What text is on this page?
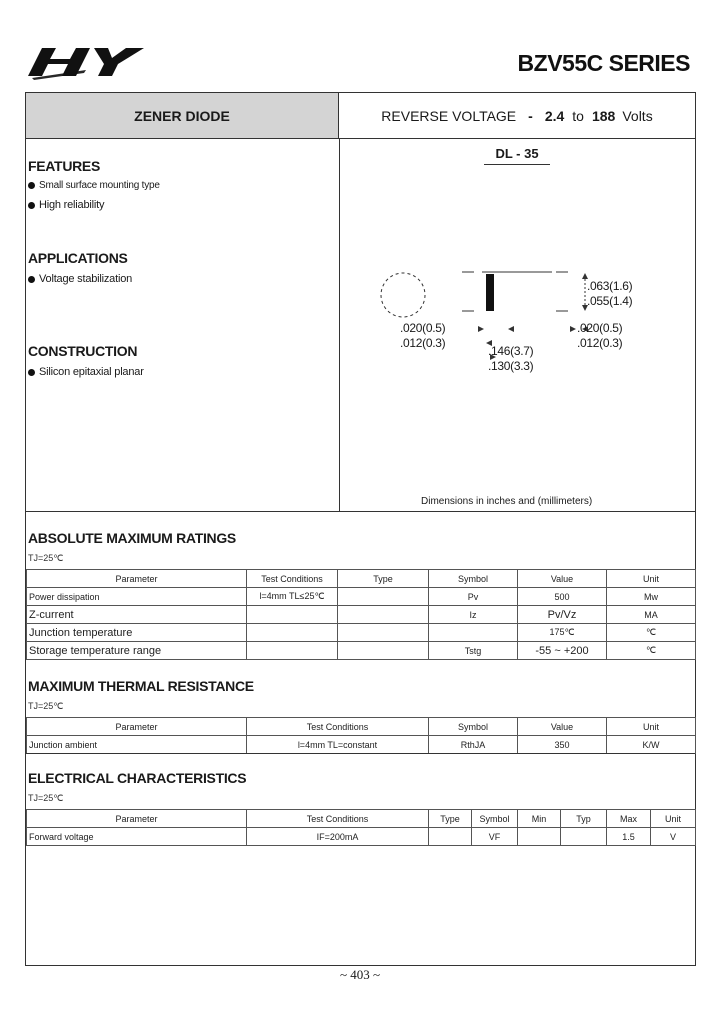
BZV55C SERIES
ZENER DIODE	REVERSE VOLTAGE - 2.4 to 188 Volts
FEATURES
Small surface mounting type
High reliability
APPLICATIONS
Voltage stabilization
CONSTRUCTION
Silicon epitaxial planar
DL - 35
.063(1.6)
.055(1.4)
.020(0.5)
.012(0.3)
.020(0.5)
.012(0.3)
.146(3.7)
.130(3.3)
Dimensions in inches and (millimeters)
ABSOLUTE MAXIMUM RATINGS
TJ=25℃
Parameter	Test Conditions	Type	Symbol	Value	Unit
Power dissipation	l=4mm TL≤25℃		Pv	500	Mw
Z-current			Iz	Pv/Vz	MA
Junction temperature				175℃	℃
Storage temperature range			Tstg	-55 ~ +200	℃
MAXIMUM THERMAL RESISTANCE
TJ=25℃
Parameter	Test Conditions	Symbol	Value	Unit
Junction ambient	l=4mm TL=constant	RthJA	350	K/W
ELECTRICAL CHARACTERISTICS
TJ=25℃
Parameter	Test Conditions	Type	Symbol	Min	Typ	Max	Unit
Forward voltage	IF=200mA		VF			1.5	V
~ 403 ~
